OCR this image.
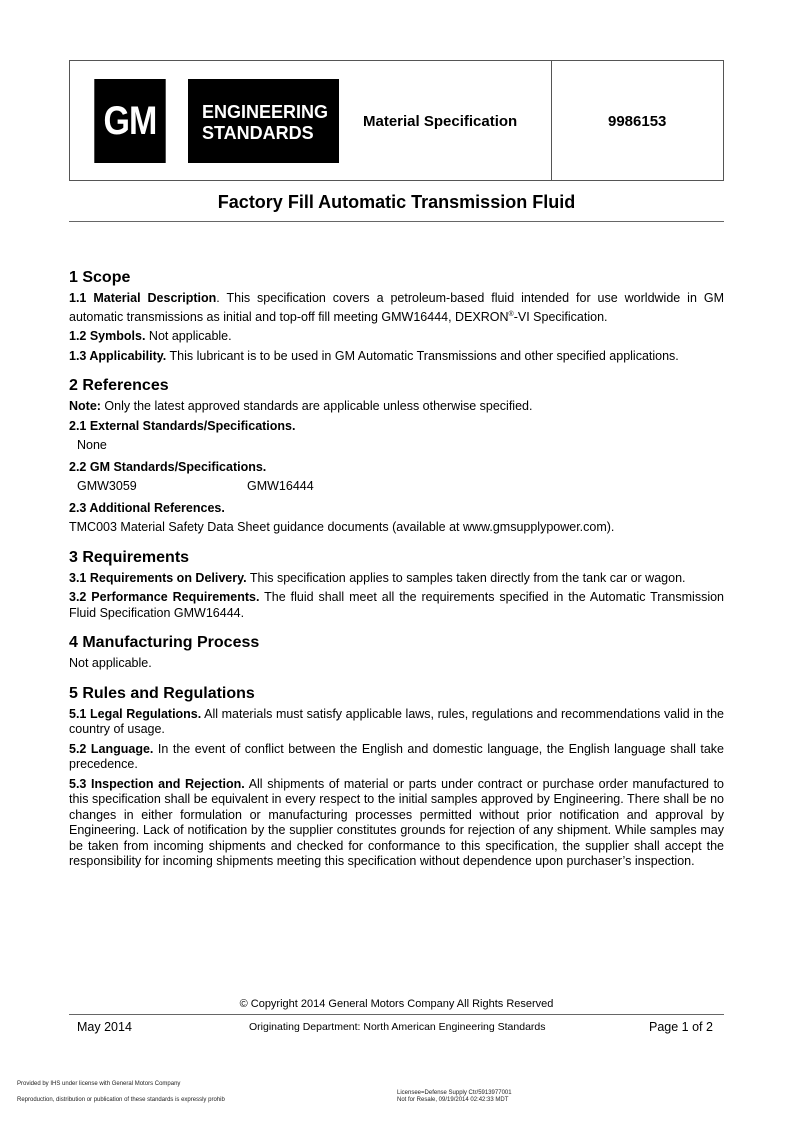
GM	ENGINEERING
STANDARDS
Material Specification	9986153
Factory Fill Automatic Transmission Fluid
1 Scope

1.1 Material Description. This specification covers a petroleum-based fluid intended for use worldwide in GM automatic transmissions as initial and top-off fill meeting GMW16444, DEXRON®-VI Specification.

1.2 Symbols. Not applicable.

1.3 Applicability. This lubricant is to be used in GM Automatic Transmissions and other specified applications.

2 References

Note: Only the latest approved standards are applicable unless otherwise specified.

2.1 External Standards/Specifications.

None

2.2 GM Standards/Specifications.

GMW3059	GMW16444

2.3 Additional References.

TMC003 Material Safety Data Sheet guidance documents (available at www.gmsupplypower.com).

3 Requirements

3.1 Requirements on Delivery. This specification applies to samples taken directly from the tank car or wagon.

3.2 Performance Requirements. The fluid shall meet all the requirements specified in the Automatic Transmission Fluid Specification GMW16444.

4 Manufacturing Process

Not applicable.

5 Rules and Regulations

5.1 Legal Regulations. All materials must satisfy applicable laws, rules, regulations and recommendations valid in the country of usage.

5.2 Language. In the event of conflict between the English and domestic language, the English language shall take precedence.

5.3 Inspection and Rejection. All shipments of material or parts under contract or purchase order manufactured to this specification shall be equivalent in every respect to the initial samples approved by Engineering. There shall be no changes in either formulation or manufacturing processes permitted without prior notification and approval by Engineering. Lack of notification by the supplier constitutes grounds for rejection of any shipment. While samples may be taken from incoming shipments and checked for conformance to this specification, the supplier shall accept the responsibility for incoming shipments meeting this specification without dependence upon purchaser’s inspection.

© Copyright 2014 General Motors Company All Rights Reserved
May 2014	Originating Department: North American Engineering Standards	Page 1 of 2
Provided by IHS under license with General Motors Company
Reproduction, distribution or publication of these standards is expressly prohib
Licensee=Defense Supply Ctr/5913977001
Not for Resale, 09/19/2014 02:42:33 MDT
